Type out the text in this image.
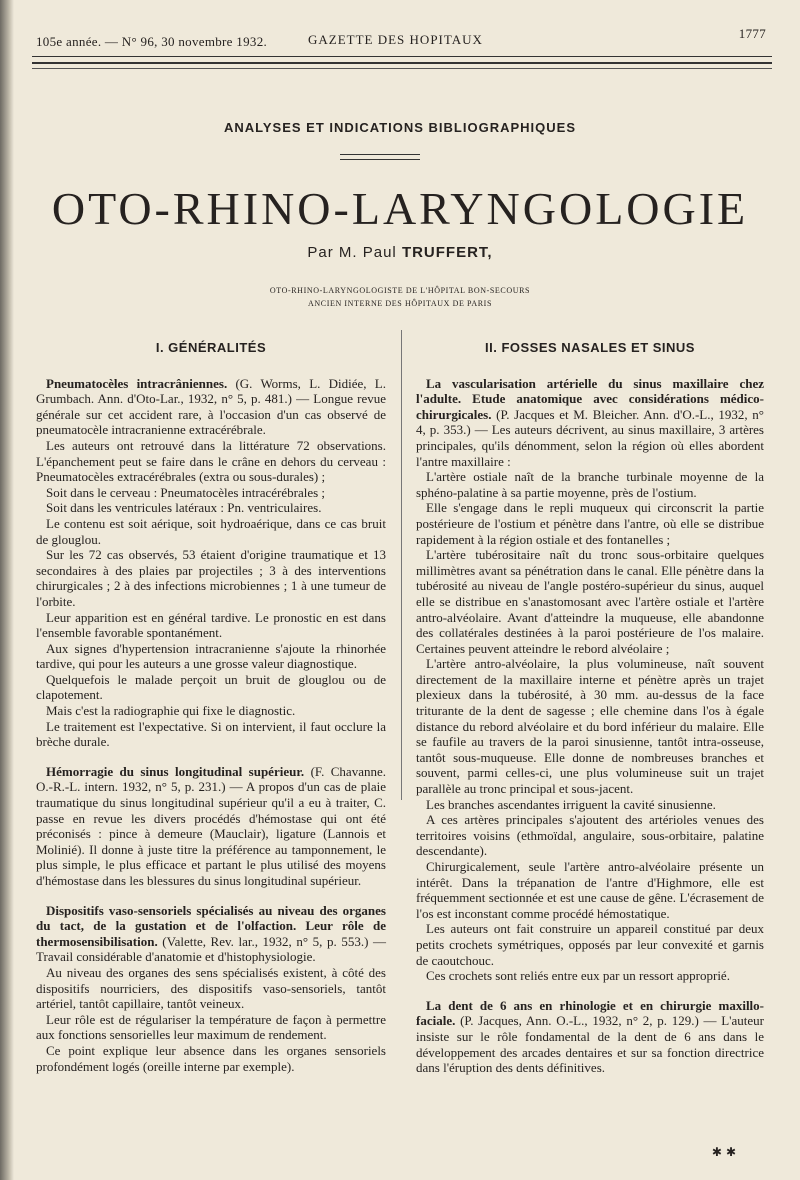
105e année. — N° 96, 30 novembre 1932.	GAZETTE DES HOPITAUX	1777
ANALYSES ET INDICATIONS BIBLIOGRAPHIQUES
OTO-RHINO-LARYNGOLOGIE
Par M. Paul TRUFFERT,
OTO-RHINO-LARYNGOLOGISTE DE L'HÔPITAL BON-SECOURS
ANCIEN INTERNE DES HÔPITAUX DE PARIS
I. GÉNÉRALITÉS

Pneumatocèles intracrâniennes. (G. Worms, L. Didiée, L. Grumbach. Ann. d'Oto-Lar., 1932, n° 5, p. 481.) — Longue revue générale sur cet accident rare, à l'occasion d'un cas observé de pneumatocèle intracranienne extracérébrale.

Les auteurs ont retrouvé dans la littérature 72 observations. L'épanchement peut se faire dans le crâne en dehors du cerveau : Pneumatocèles extracérébrales (extra ou sous-durales) ;

Soit dans le cerveau : Pneumatocèles intracérébrales ;

Soit dans les ventricules latéraux : Pn. ventriculaires.

Le contenu est soit aérique, soit hydroaérique, dans ce cas bruit de glouglou.

Sur les 72 cas observés, 53 étaient d'origine traumatique et 13 secondaires à des plaies par projectiles ; 3 à des interventions chirurgicales ; 2 à des infections microbiennes ; 1 à une tumeur de l'orbite.

Leur apparition est en général tardive. Le pronostic en est dans l'ensemble favorable spontanément.

Aux signes d'hypertension intracranienne s'ajoute la rhinorhée tardive, qui pour les auteurs a une grosse valeur diagnostique.

Quelquefois le malade perçoit un bruit de glouglou ou de clapotement.

Mais c'est la radiographie qui fixe le diagnostic.

Le traitement est l'expectative. Si on intervient, il faut occlure la brèche durale.

Hémorragie du sinus longitudinal supérieur. (F. Chavanne. O.-R.-L. intern. 1932, n° 5, p. 231.) — A propos d'un cas de plaie traumatique du sinus longitudinal supérieur qu'il a eu à traiter, C. passe en revue les divers procédés d'hémostase qui ont été préconisés : pince à demeure (Mauclair), ligature (Lannois et Molinié). Il donne à juste titre la préférence au tamponnement, le plus simple, le plus efficace et partant le plus utilisé des moyens d'hémostase dans les blessures du sinus longitudinal supérieur.

Dispositifs vaso-sensoriels spécialisés au niveau des organes du tact, de la gustation et de l'olfaction. Leur rôle de thermosensibilisation. (Valette, Rev. lar., 1932, n° 5, p. 553.) — Travail considérable d'anatomie et d'histophysiologie.

Au niveau des organes des sens spécialisés existent, à côté des dispositifs nourriciers, des dispositifs vaso-sensoriels, tantôt artériel, tantôt capillaire, tantôt veineux.

Leur rôle est de régulariser la température de façon à permettre aux fonctions sensorielles leur maximum de rendement.

Ce point explique leur absence dans les organes sensoriels profondément logés (oreille interne par exemple).

II. FOSSES NASALES ET SINUS

La vascularisation artérielle du sinus maxillaire chez l'adulte. Etude anatomique avec considérations médico-chirurgicales. (P. Jacques et M. Bleicher. Ann. d'O.-L., 1932, n° 4, p. 353.) — Les auteurs décrivent, au sinus maxillaire, 3 artères principales, qu'ils dénomment, selon la région où elles abordent l'antre maxillaire :

L'artère ostiale naît de la branche turbinale moyenne de la sphéno-palatine à sa partie moyenne, près de l'ostium.

Elle s'engage dans le repli muqueux qui circonscrit la partie postérieure de l'ostium et pénètre dans l'antre, où elle se distribue rapidement à la région ostiale et des fontanelles ;

L'artère tubérositaire naît du tronc sous-orbitaire quelques millimètres avant sa pénétration dans le canal. Elle pénètre dans la tubérosité au niveau de l'angle postéro-supérieur du sinus, auquel elle se distribue en s'anastomosant avec l'artère ostiale et l'artère antro-alvéolaire. Avant d'atteindre la muqueuse, elle abandonne des collatérales destinées à la paroi postérieure de l'os malaire. Certaines peuvent atteindre le rebord alvéolaire ;

L'artère antro-alvéolaire, la plus volumineuse, naît souvent directement de la maxillaire interne et pénètre après un trajet plexieux dans la tubérosité, à 30 mm. au-dessus de la face triturante de la dent de sagesse ; elle chemine dans l'os à égale distance du rebord alvéolaire et du bord inférieur du malaire. Elle se faufile au travers de la paroi sinusienne, tantôt intra-osseuse, tantôt sous-muqueuse. Elle donne de nombreuses branches et souvent, parmi celles-ci, une plus volumineuse suit un trajet parallèle au tronc principal et sous-jacent.

Les branches ascendantes irriguent la cavité sinusienne.

A ces artères principales s'ajoutent des artérioles venues des territoires voisins (ethmoïdal, angulaire, sous-orbitaire, palatine descendante).

Chirurgicalement, seule l'artère antro-alvéolaire présente un intérêt. Dans la trépanation de l'antre d'Highmore, elle est fréquemment sectionnée et est une cause de gêne. L'écrasement de l'os est inconstant comme procédé hémostatique.

Les auteurs ont fait construire un appareil constitué par deux petits crochets symétriques, opposés par leur convexité et garnis de caoutchouc.

Ces crochets sont reliés entre eux par un ressort approprié.

La dent de 6 ans en rhinologie et en chirurgie maxillo-faciale. (P. Jacques, Ann. O.-L., 1932, n° 2, p. 129.) — L'auteur insiste sur le rôle fondamental de la dent de 6 ans dans le développement des arcades dentaires et sur sa fonction directrice dans l'éruption des dents définitives.

✱✱
